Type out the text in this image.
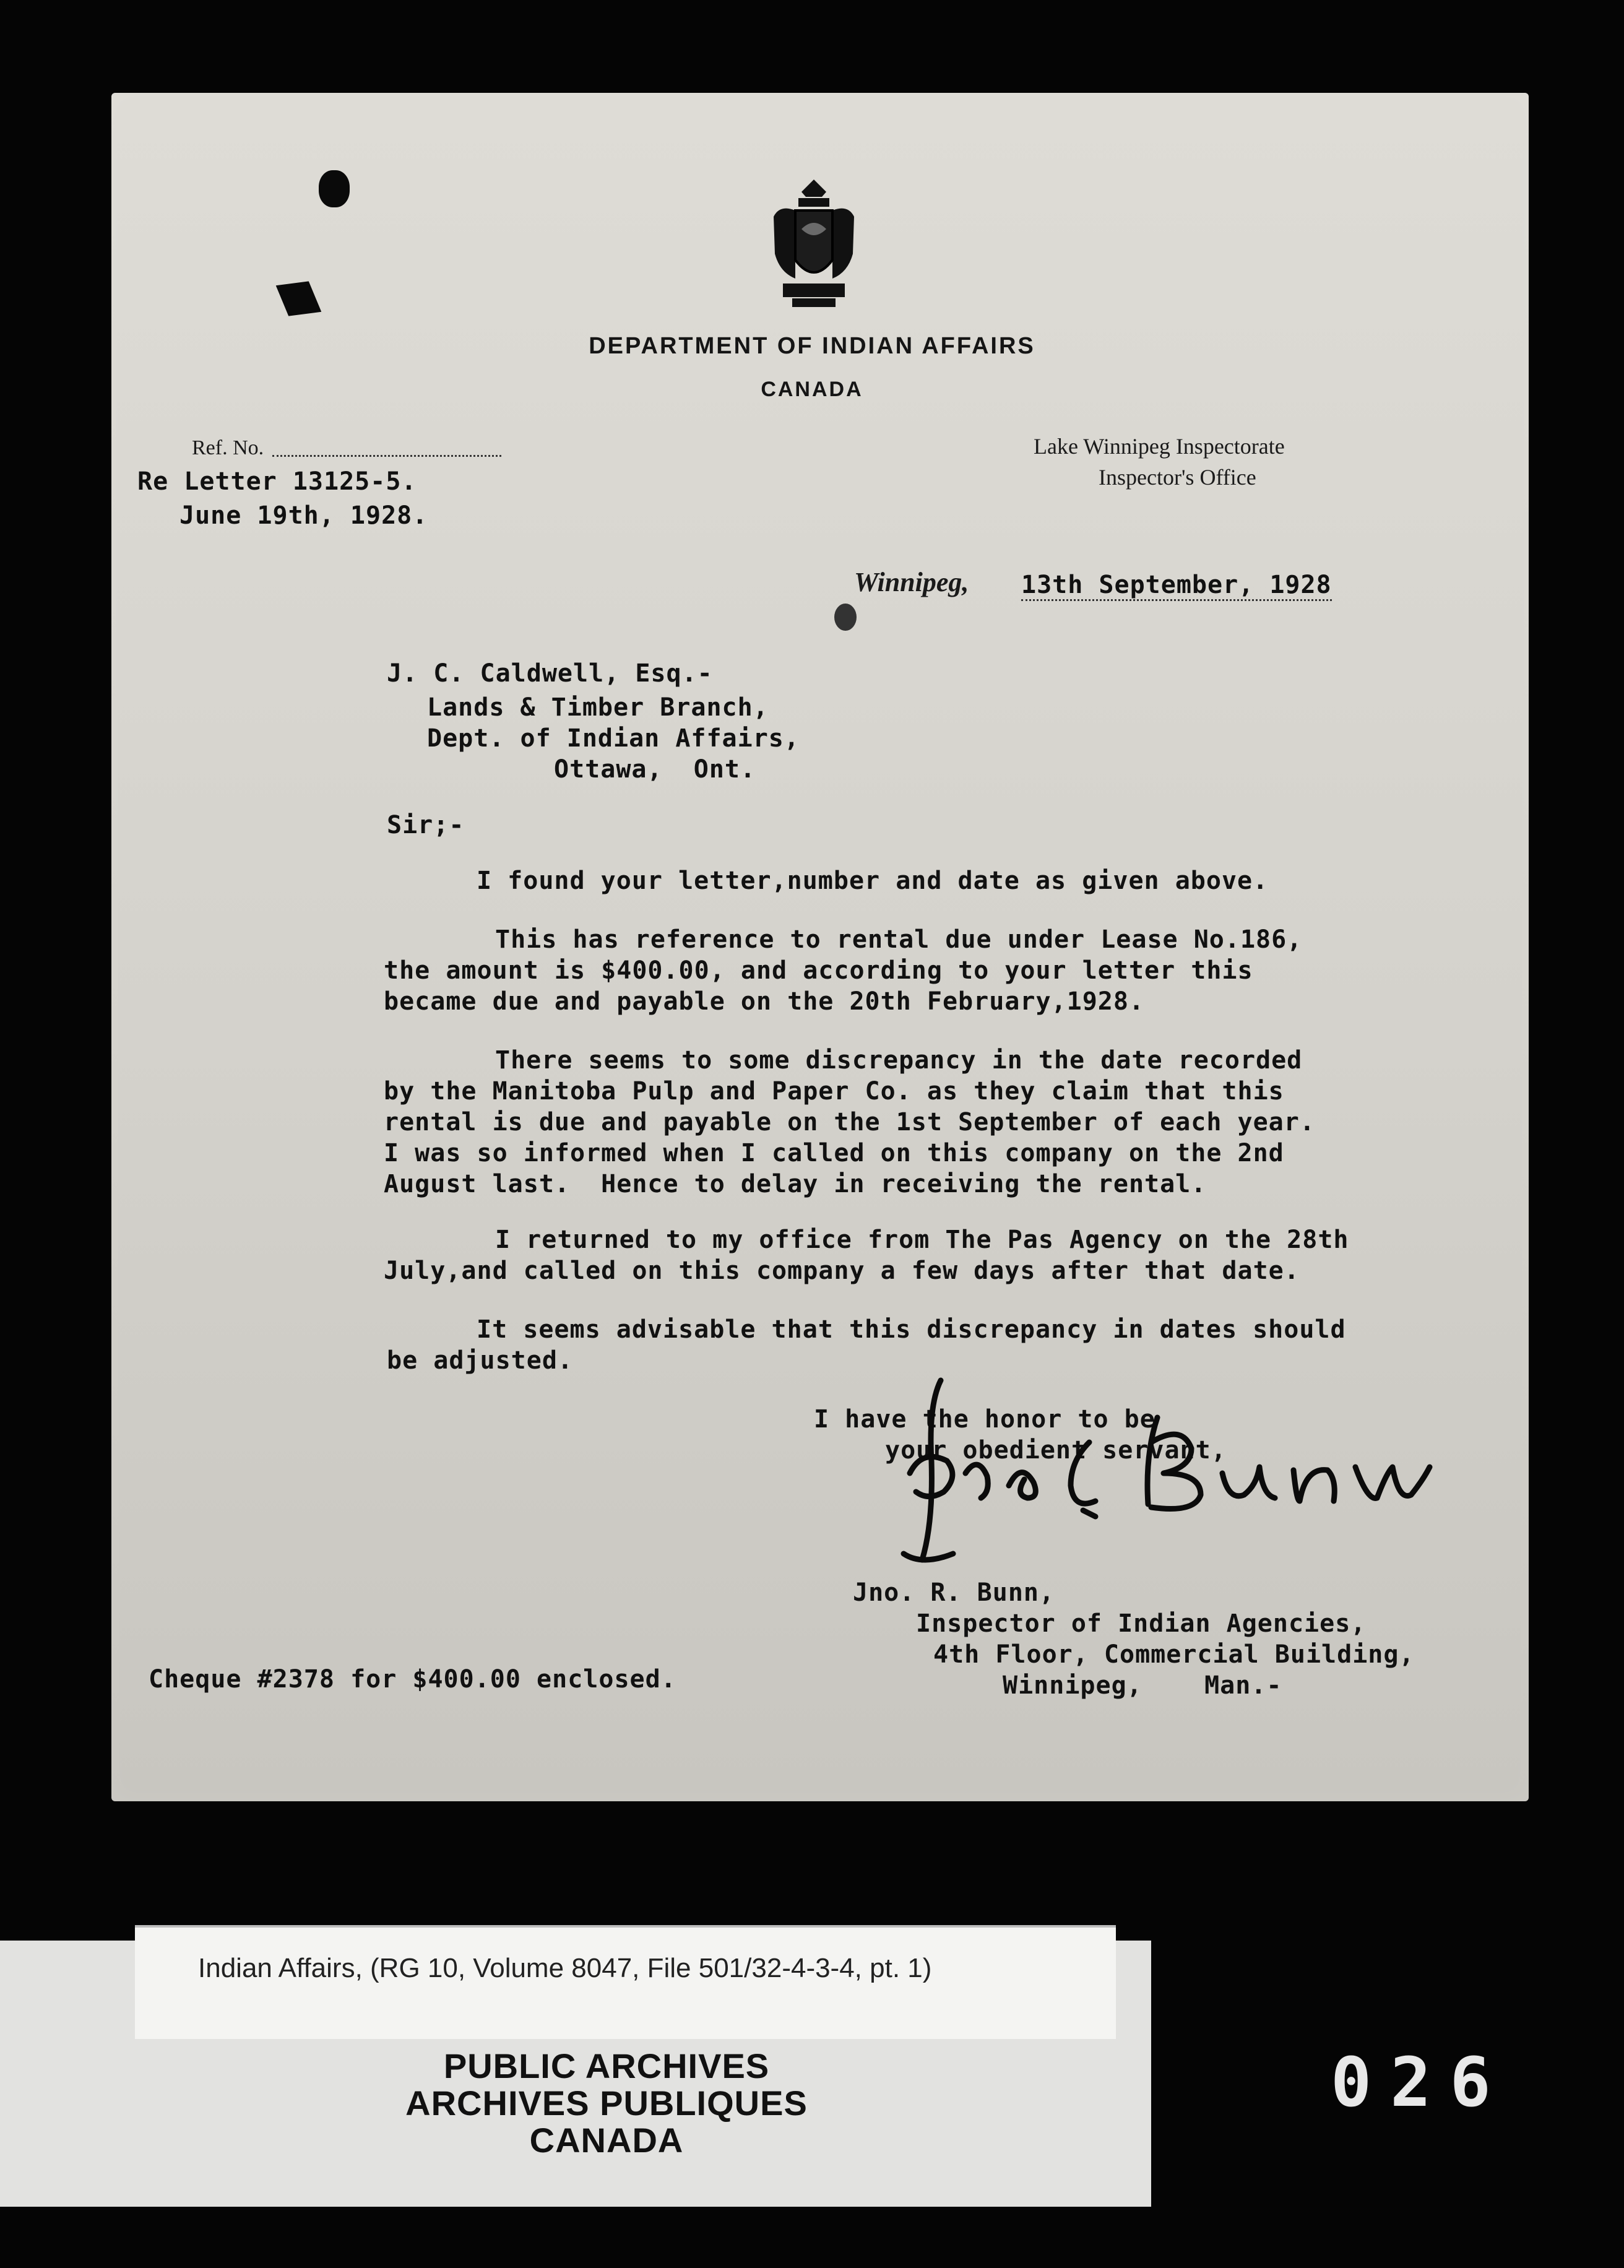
DEPARTMENT OF INDIAN AFFAIRS
CANADA
Ref. No.	Lake Winnipeg Inspectorate
Inspector's Office
Re Letter 13125-5.
June 19th, 1928.
Winnipeg, 13th September, 1928
J. C. Caldwell, Esq.-
Lands & Timber Branch,
Dept. of Indian Affairs,
Ottawa,  Ont.
Sir;-
I found your letter,number and date as given above.
This has reference to rental due under Lease No.186,
the amount is $400.00, and according to your letter this
became due and payable on the 20th February,1928.
There seems to some discrepancy in the date recorded
by the Manitoba Pulp and Paper Co. as they claim that this
rental is due and payable on the 1st September of each year.
I was so informed when I called on this company on the 2nd
August last.  Hence to delay in receiving the rental.
I returned to my office from The Pas Agency on the 28th
July,and called on this company a few days after that date.
It seems advisable that this discrepancy in dates should
be adjusted.
I have the honor to be
your obedient servant,
Jno. R. Bunn,
Inspector of Indian Agencies,
4th Floor, Commercial Building,
Winnipeg,    Man.-
Cheque #2378 for $400.00 enclosed.
Indian Affairs, (RG 10, Volume 8047, File 501/32-4-3-4, pt. 1)
PUBLIC ARCHIVES
ARCHIVES PUBLIQUES
CANADA
026
